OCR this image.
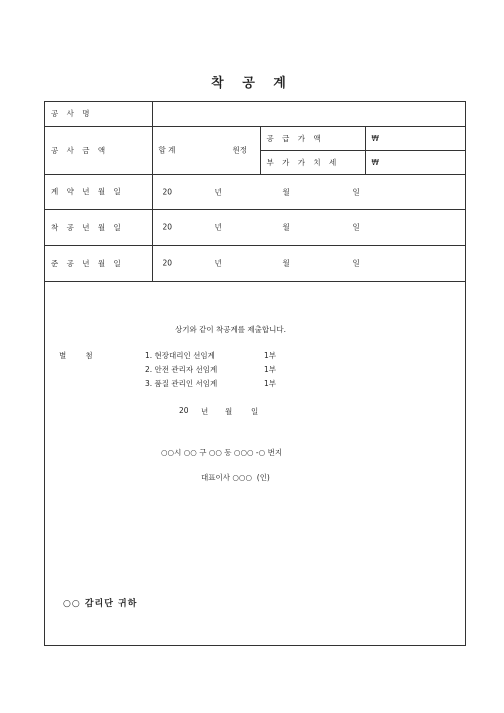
착 공 계
공 사 명			
공 사 금 액	합 계 원정	공 급 가 액	₩
		부 가 가 치 세	₩
계 약 년 월 일	20 년 월 일		

착 공 년 월 일	20 년 월 일		

준 공 년 월 일	20 년 월 일		
상기와 같이 착공계를 제출합니다.
별        첨	1. 현장대리인 선임계	1부
2. 안전 관리자 선임계	1부
3. 품질 관리인 서임계	1부
20 년 월	일
○○시 ○○ 구 ○○ 동 ○○○ -○ 번지
대표이사 ○○○  (인)
○○ 감리단 귀하
